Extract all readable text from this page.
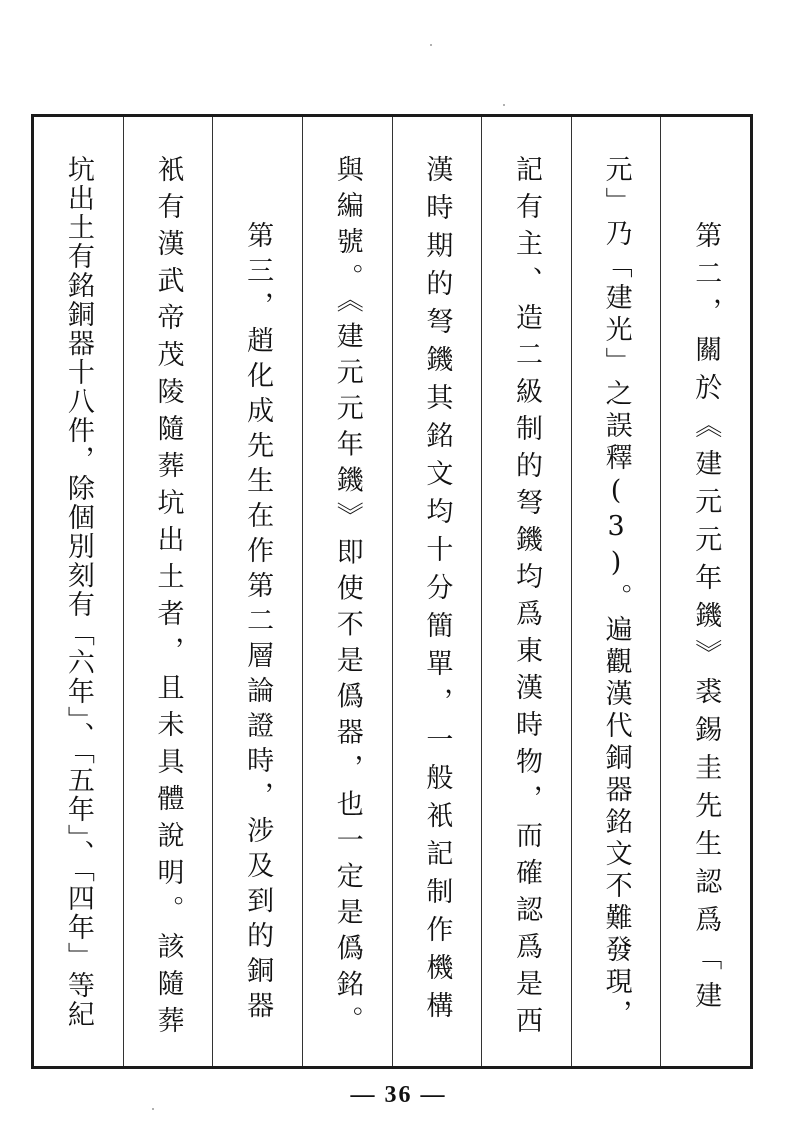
第二，關於《建元元年鐖》裘錫圭先生認爲「建
元」乃「建光」之誤釋(3)。遍觀漢代銅器銘文不難發現，
記有主、造二級制的弩鐖均爲東漢時物，而確認爲是西
漢時期的弩鐖其銘文均十分簡單，一般衹記制作機構
與編號。《建元元年鐖》即使不是僞器，也一定是僞銘。
第三，趙化成先生在作第二層論證時，涉及到的銅器
衹有漢武帝茂陵隨葬坑出土者，且未具體說明。該隨葬
坑出土有銘銅器十八件，除個別刻有「六年」、「五年」、「四年」等紀
— 36 —
